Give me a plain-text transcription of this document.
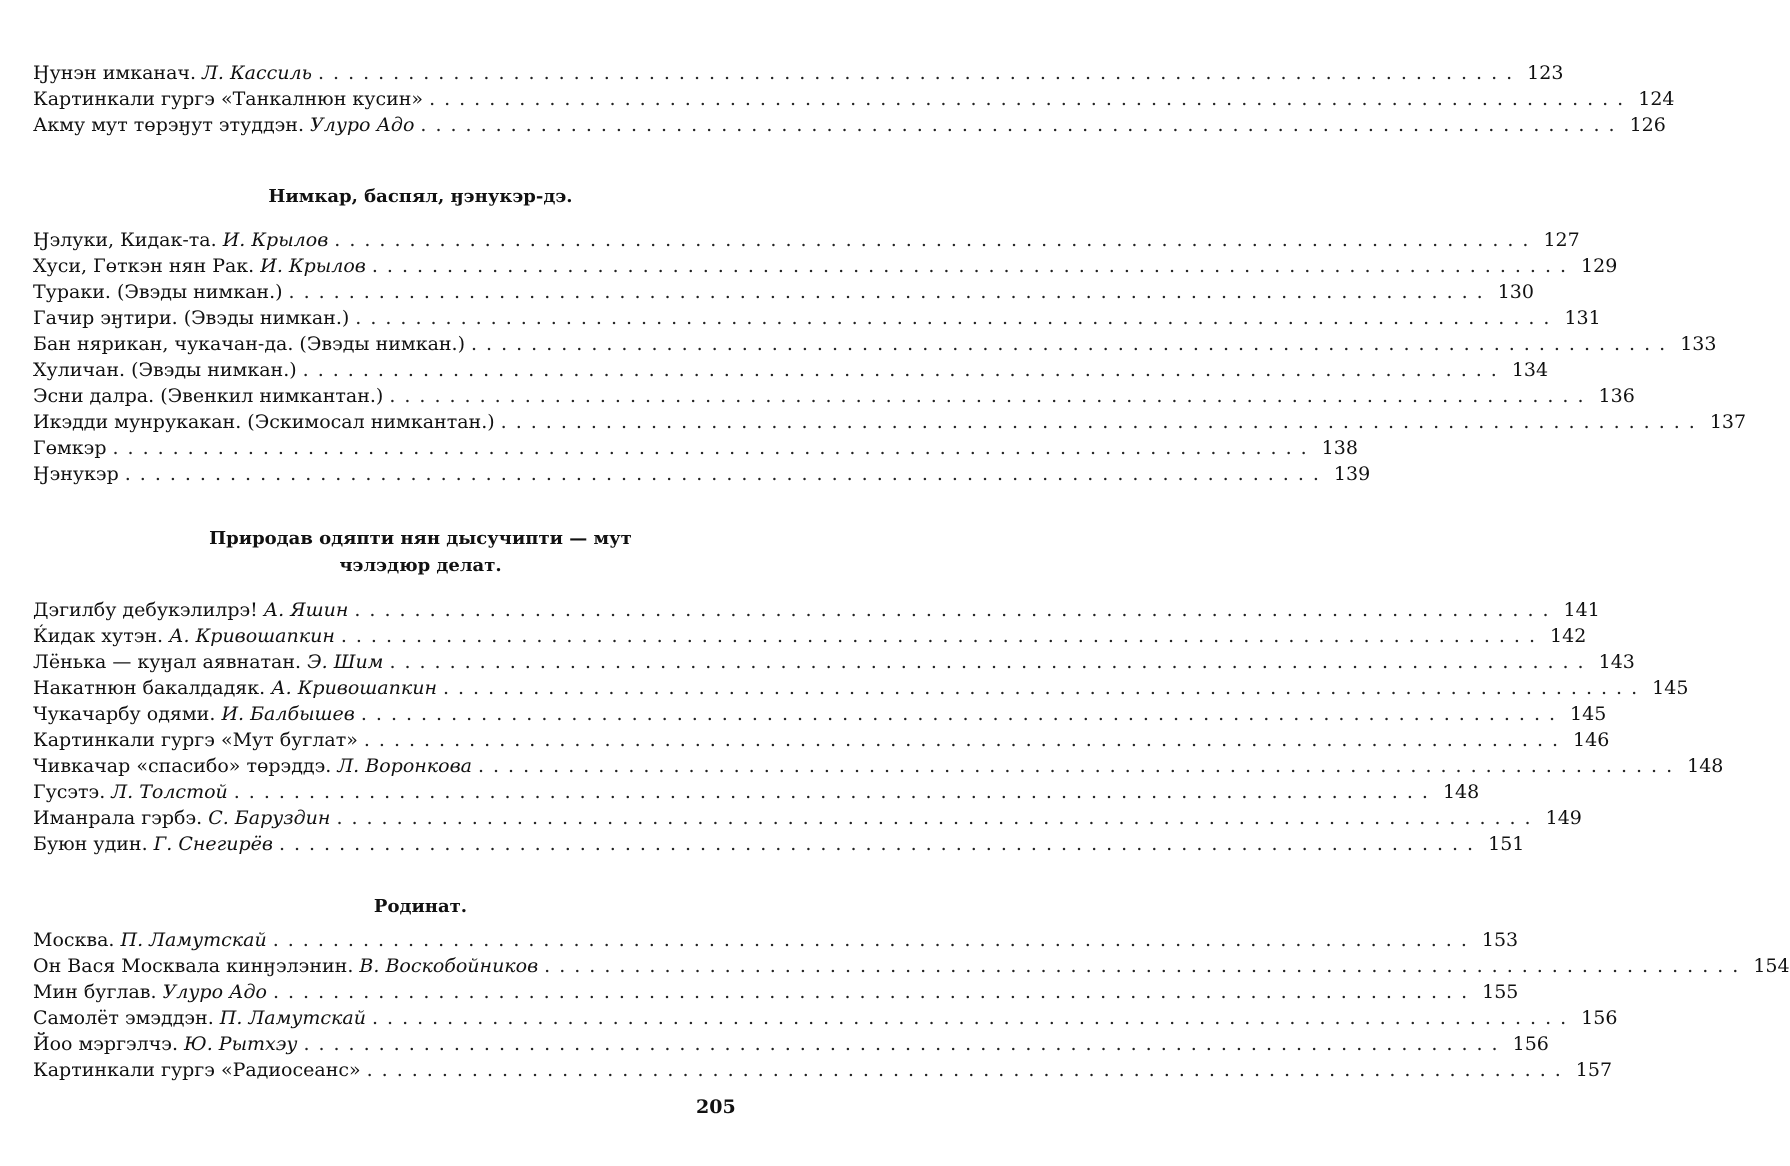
Ӈунэн имканач. Л. Кассиль ................................................................................ 123
Картинкали гургэ «Танкалнюн кусин» ................................................................................ 124
Акму мут төрэӈут этуддэн. Улуро Адо ................................................................................ 126
Нимкар, баспял, ӈэнукэр-дэ.
Ӈэлуки, Кидак-та. И. Крылов ................................................................................ 127
Хуси, Гөткэн нян Рак. И. Крылов ................................................................................ 129
Тураки. (Эвэды нимкан.) ................................................................................ 130
Гачир эӈтири. (Эвэды нимкан.) ................................................................................ 131
Бан нярикан, чукачан-да. (Эвэды нимкан.) ................................................................................ 133
Хуличан. (Эвэды нимкан.) ................................................................................ 134
Эсни далра. (Эвенкил нимкантан.) ................................................................................ 136
Икэдди мунрукакан. (Эскимосал нимкантан.) ................................................................................ 137
Гөмкэр ................................................................................ 138
Ӈэнукэр ................................................................................ 139
Природав одяпти нян дысучипти — мут
чэлэдюр делат.
Дэгилбу дебукэлилрэ! А. Яшин ................................................................................ 141
Ќидак хутэн. А. Кривошапкин ................................................................................ 142
Лёнька — куӈал аявнатан. Э. Шим ................................................................................ 143
Накатнюн бакалдадяк. А. Кривошапкин ................................................................................ 145
Чукачарбу одями. И. Балбышев ................................................................................ 145
Картинкали гургэ «Мут буглат» ................................................................................ 146
Чивкачар «спасибо» төрэддэ. Л. Воронкова ................................................................................ 148
Гусэтэ. Л. Толстой ................................................................................ 148
Иманрала гэрбэ. С. Баруздин ................................................................................ 149
Буюн удин. Г. Снегирёв ................................................................................ 151
Родинат.
Москва. П. Ламутскай ................................................................................ 153
Он Вася Москвала кинӈэлэнин. В. Воскобойников ................................................................................ 154
Мин буглав. Улуро Адо ................................................................................ 155
Самолёт эмэддэн. П. Ламутскай ................................................................................ 156
Йоо мэргэлчэ. Ю. Рытхэу ................................................................................ 156
Картинкали гургэ «Радиосеанс» ................................................................................ 157
205
